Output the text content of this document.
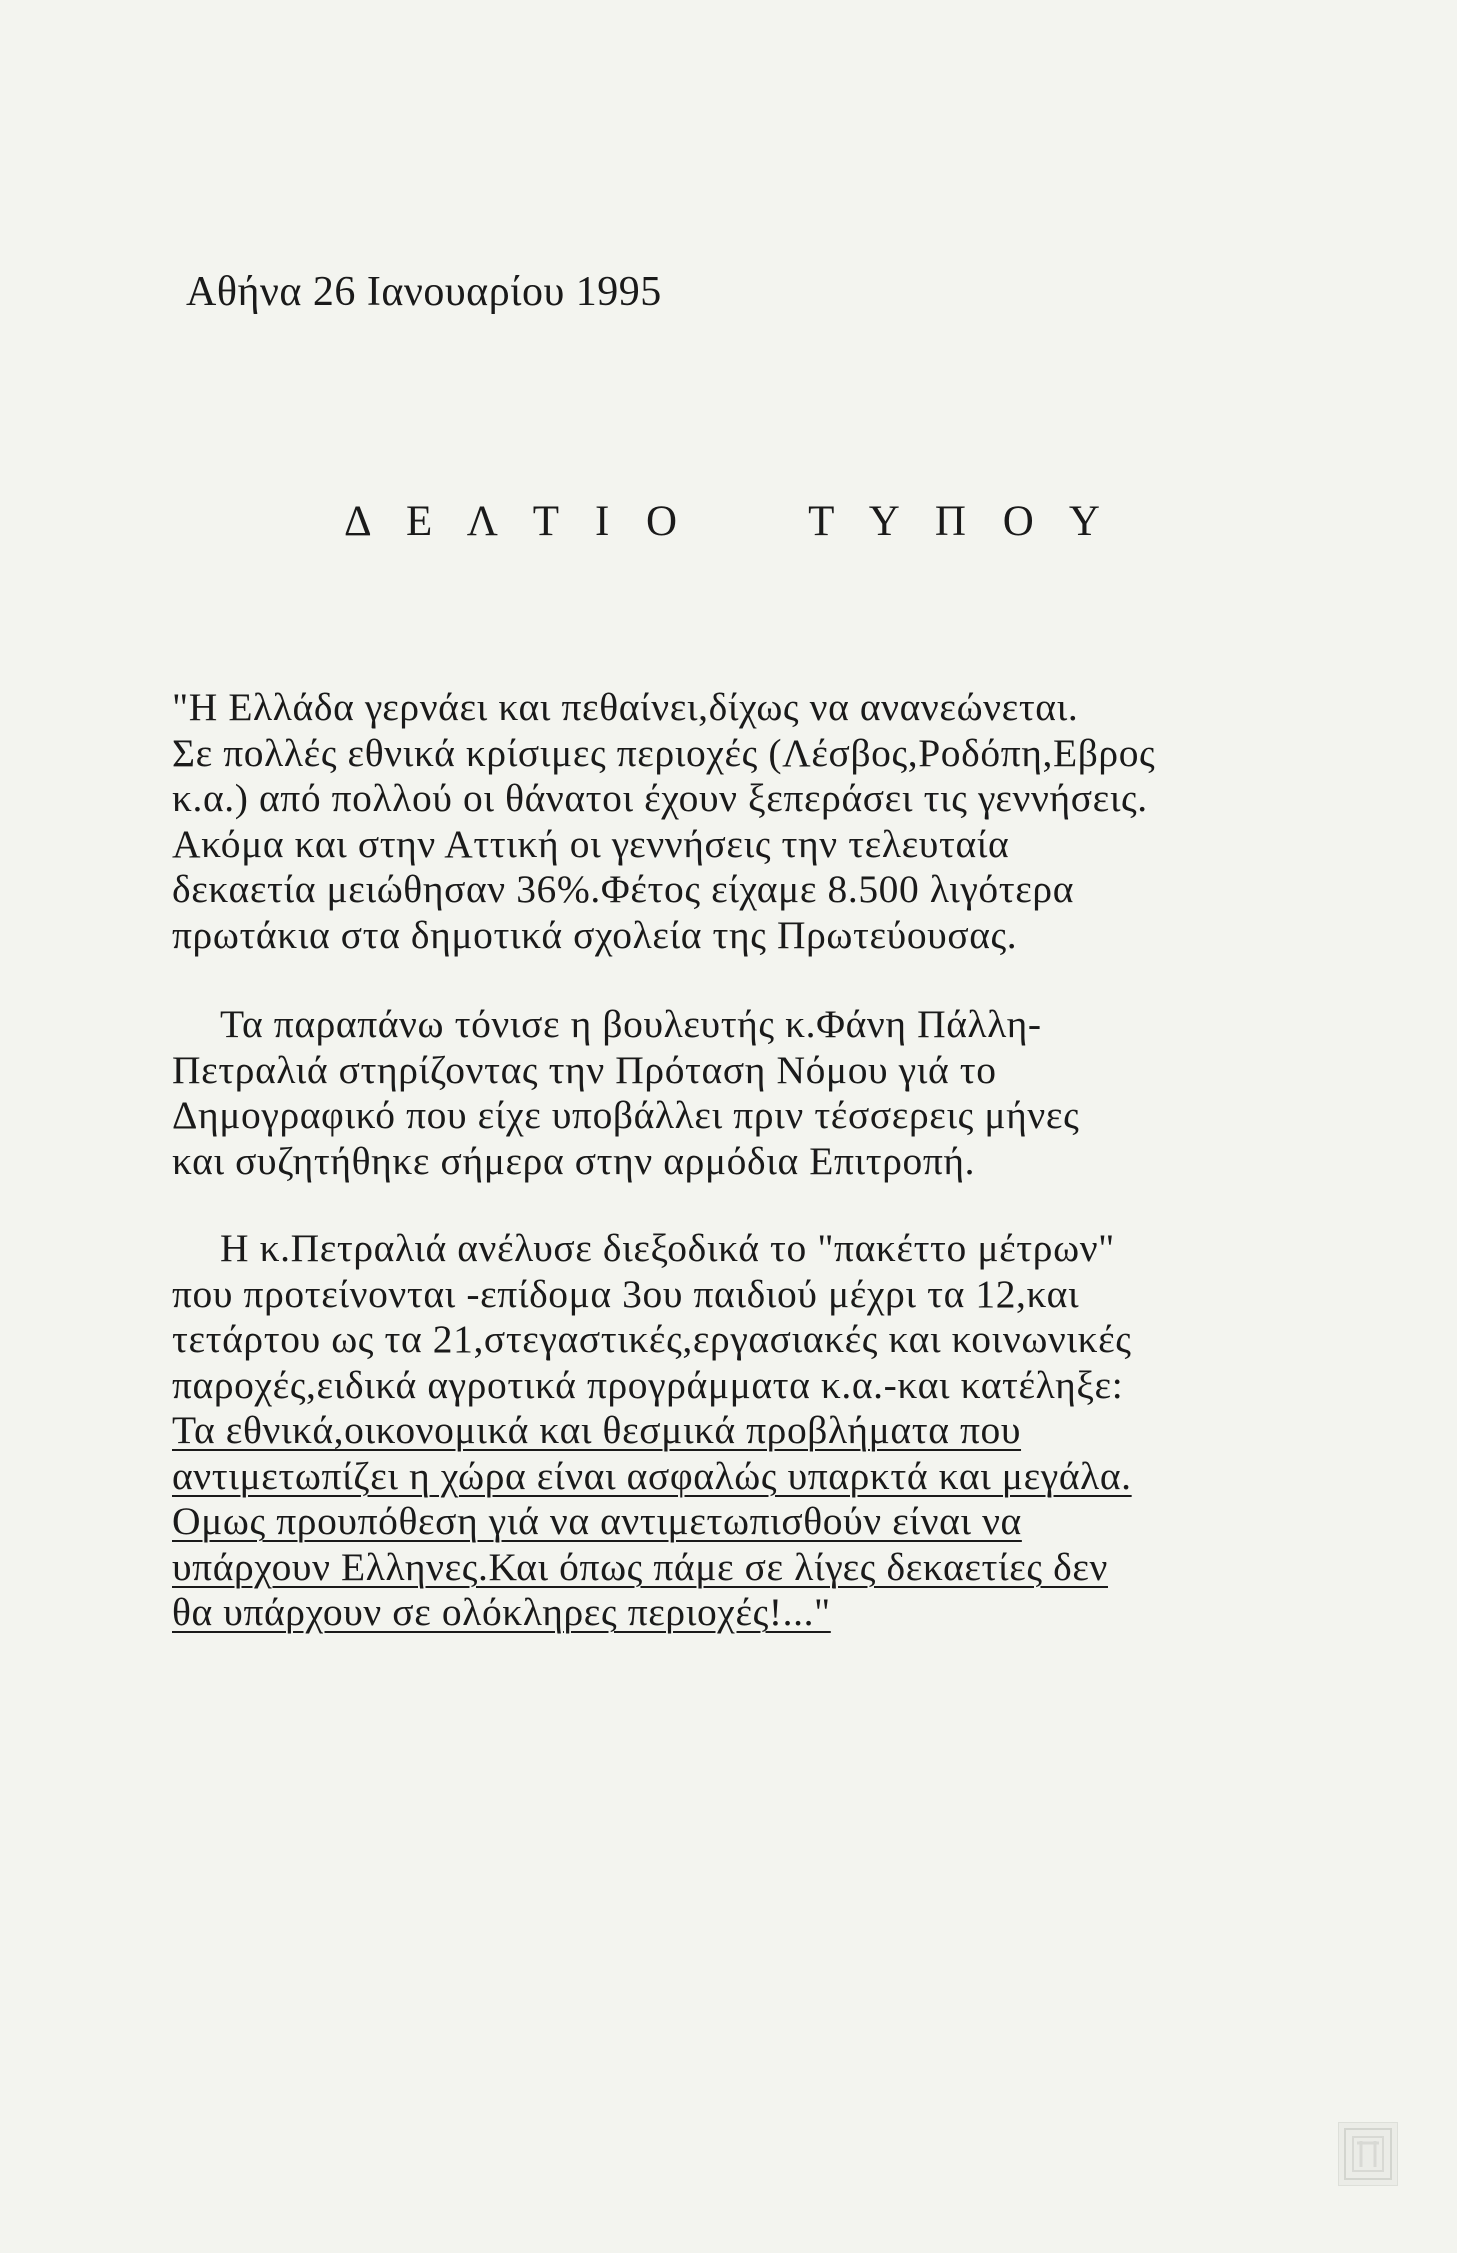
Αθήνα 26 Ιανουαρίου 1995
Δ Ε Λ Τ Ι Ο     Τ Υ Π Ο Υ
"Η Ελλάδα γερνάει και πεθαίνει,δίχως να ανανεώνεται.
Σε πολλές εθνικά κρίσιμες περιοχές (Λέσβος,Ροδόπη,Εβρος
κ.α.) από πολλού οι θάνατοι έχουν ξεπεράσει τις γεννήσεις.
Ακόμα και στην Αττική οι γεννήσεις την τελευταία
δεκαετία μειώθησαν 36%.Φέτος είχαμε 8.500 λιγότερα
πρωτάκια στα δημοτικά σχολεία της Πρωτεύουσας.
Τα παραπάνω τόνισε η βουλευτής κ.Φάνη Πάλλη-
Πετραλιά στηρίζοντας την Πρόταση Νόμου γιά το
Δημογραφικό που είχε υποβάλλει πριν τέσσερεις μήνες
και συζητήθηκε σήμερα στην αρμόδια Επιτροπή.
Η κ.Πετραλιά ανέλυσε διεξοδικά το "πακέττο μέτρων"
που προτείνονται -επίδομα 3ου παιδιού μέχρι τα 12,και
τετάρτου ως τα 21,στεγαστικές,εργασιακές και κοινωνικές
παροχές,ειδικά αγροτικά προγράμματα κ.α.-και κατέληξε:
Τα εθνικά,οικονομικά και θεσμικά προβλήματα που
αντιμετωπίζει η χώρα είναι ασφαλώς υπαρκτά και μεγάλα.
Ομως προυπόθεση γιά να αντιμετωπισθούν είναι να
υπάρχουν Ελληνες.Και όπως πάμε σε λίγες δεκαετίες δεν
θα υπάρχουν σε ολόκληρες περιοχές!..."
